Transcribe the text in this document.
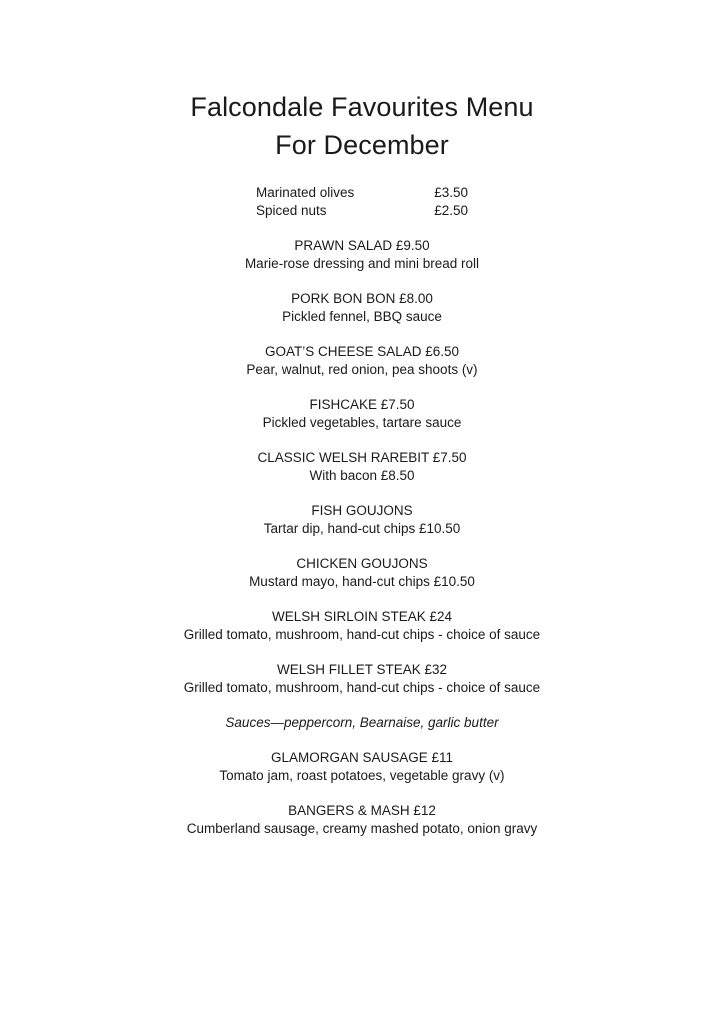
Falcondale Favourites Menu
For December
Marinated olives	£3.50
Spiced nuts	£2.50
PRAWN SALAD £9.50
Marie-rose dressing and mini bread roll
PORK BON BON £8.00
Pickled fennel, BBQ sauce
GOAT’S CHEESE SALAD £6.50
Pear, walnut, red onion, pea shoots (v)
FISHCAKE £7.50
Pickled vegetables, tartare sauce
CLASSIC WELSH RAREBIT £7.50
With bacon £8.50
FISH GOUJONS
Tartar dip, hand-cut chips £10.50
CHICKEN GOUJONS
Mustard mayo, hand-cut chips £10.50
WELSH SIRLOIN STEAK £24
Grilled tomato, mushroom, hand-cut chips - choice of sauce
WELSH FILLET STEAK £32
Grilled tomato, mushroom, hand-cut chips - choice of sauce
Sauces—peppercorn, Bearnaise, garlic butter
GLAMORGAN SAUSAGE £11
Tomato jam, roast potatoes, vegetable gravy (v)
BANGERS & MASH £12
Cumberland sausage, creamy mashed potato, onion gravy
